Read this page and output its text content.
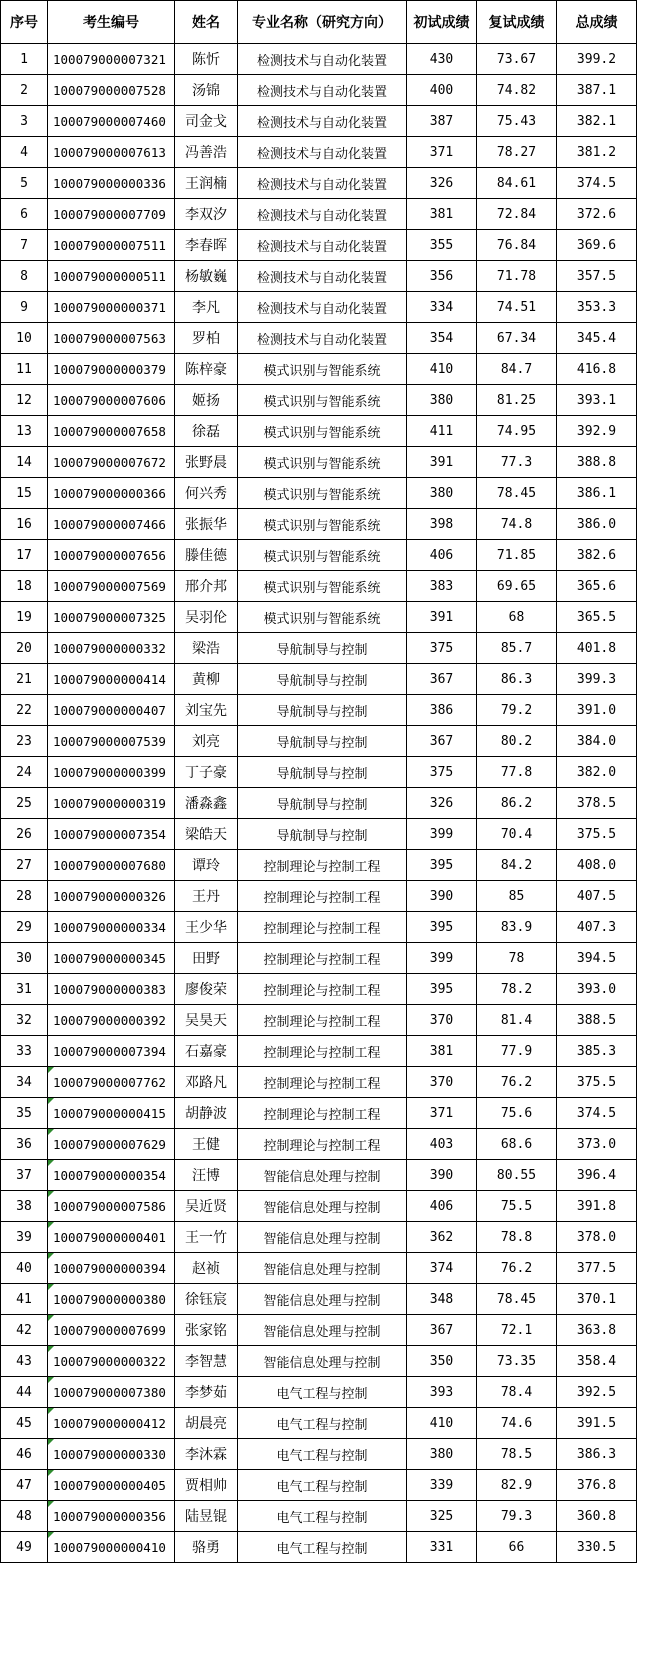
序号	考生编号	姓名	专业名称（研究方向）	初试成绩	复试成绩	总成绩
1	100079000007321	陈忻	检测技术与自动化装置	430	73.67	399.2
2	100079000007528	汤锦	检测技术与自动化装置	400	74.82	387.1
3	100079000007460	司金戈	检测技术与自动化装置	387	75.43	382.1
4	100079000007613	冯善浩	检测技术与自动化装置	371	78.27	381.2
5	100079000000336	王润楠	检测技术与自动化装置	326	84.61	374.5
6	100079000007709	李双汐	检测技术与自动化装置	381	72.84	372.6
7	100079000007511	李春晖	检测技术与自动化装置	355	76.84	369.6
8	100079000000511	杨敏巍	检测技术与自动化装置	356	71.78	357.5
9	100079000000371	李凡	检测技术与自动化装置	334	74.51	353.3
10	100079000007563	罗柏	检测技术与自动化装置	354	67.34	345.4
11	100079000000379	陈梓豪	模式识别与智能系统	410	84.7	416.8
12	100079000007606	姬扬	模式识别与智能系统	380	81.25	393.1
13	100079000007658	徐磊	模式识别与智能系统	411	74.95	392.9
14	100079000007672	张野晨	模式识别与智能系统	391	77.3	388.8
15	100079000000366	何兴秀	模式识别与智能系统	380	78.45	386.1
16	100079000007466	张振华	模式识别与智能系统	398	74.8	386.0
17	100079000007656	滕佳德	模式识别与智能系统	406	71.85	382.6
18	100079000007569	邢介邦	模式识别与智能系统	383	69.65	365.6
19	100079000007325	吴羽伦	模式识别与智能系统	391	68	365.5
20	100079000000332	梁浩	导航制导与控制	375	85.7	401.8
21	100079000000414	黄柳	导航制导与控制	367	86.3	399.3
22	100079000000407	刘宝先	导航制导与控制	386	79.2	391.0
23	100079000007539	刘亮	导航制导与控制	367	80.2	384.0
24	100079000000399	丁子豪	导航制导与控制	375	77.8	382.0
25	100079000000319	潘淼鑫	导航制导与控制	326	86.2	378.5
26	100079000007354	梁皓天	导航制导与控制	399	70.4	375.5
27	100079000007680	谭玲	控制理论与控制工程	395	84.2	408.0
28	100079000000326	王丹	控制理论与控制工程	390	85	407.5
29	100079000000334	王少华	控制理论与控制工程	395	83.9	407.3
30	100079000000345	田野	控制理论与控制工程	399	78	394.5
31	100079000000383	廖俊荣	控制理论与控制工程	395	78.2	393.0
32	100079000000392	吴昊天	控制理论与控制工程	370	81.4	388.5
33	100079000007394	石嘉豪	控制理论与控制工程	381	77.9	385.3
34	100079000007762	邓路凡	控制理论与控制工程	370	76.2	375.5
35	100079000000415	胡静波	控制理论与控制工程	371	75.6	374.5
36	100079000007629	王健	控制理论与控制工程	403	68.6	373.0
37	100079000000354	汪博	智能信息处理与控制	390	80.55	396.4
38	100079000007586	吴近贤	智能信息处理与控制	406	75.5	391.8
39	100079000000401	王一竹	智能信息处理与控制	362	78.8	378.0
40	100079000000394	赵祯	智能信息处理与控制	374	76.2	377.5
41	100079000000380	徐钰宸	智能信息处理与控制	348	78.45	370.1
42	100079000007699	张家铭	智能信息处理与控制	367	72.1	363.8
43	100079000000322	李智慧	智能信息处理与控制	350	73.35	358.4
44	100079000007380	李梦茹	电气工程与控制	393	78.4	392.5
45	100079000000412	胡晨亮	电气工程与控制	410	74.6	391.5
46	100079000000330	李沐霖	电气工程与控制	380	78.5	386.3
47	100079000000405	贾相帅	电气工程与控制	339	82.9	376.8
48	100079000000356	陆昱锟	电气工程与控制	325	79.3	360.8
49	100079000000410	骆勇	电气工程与控制	331	66	330.5
